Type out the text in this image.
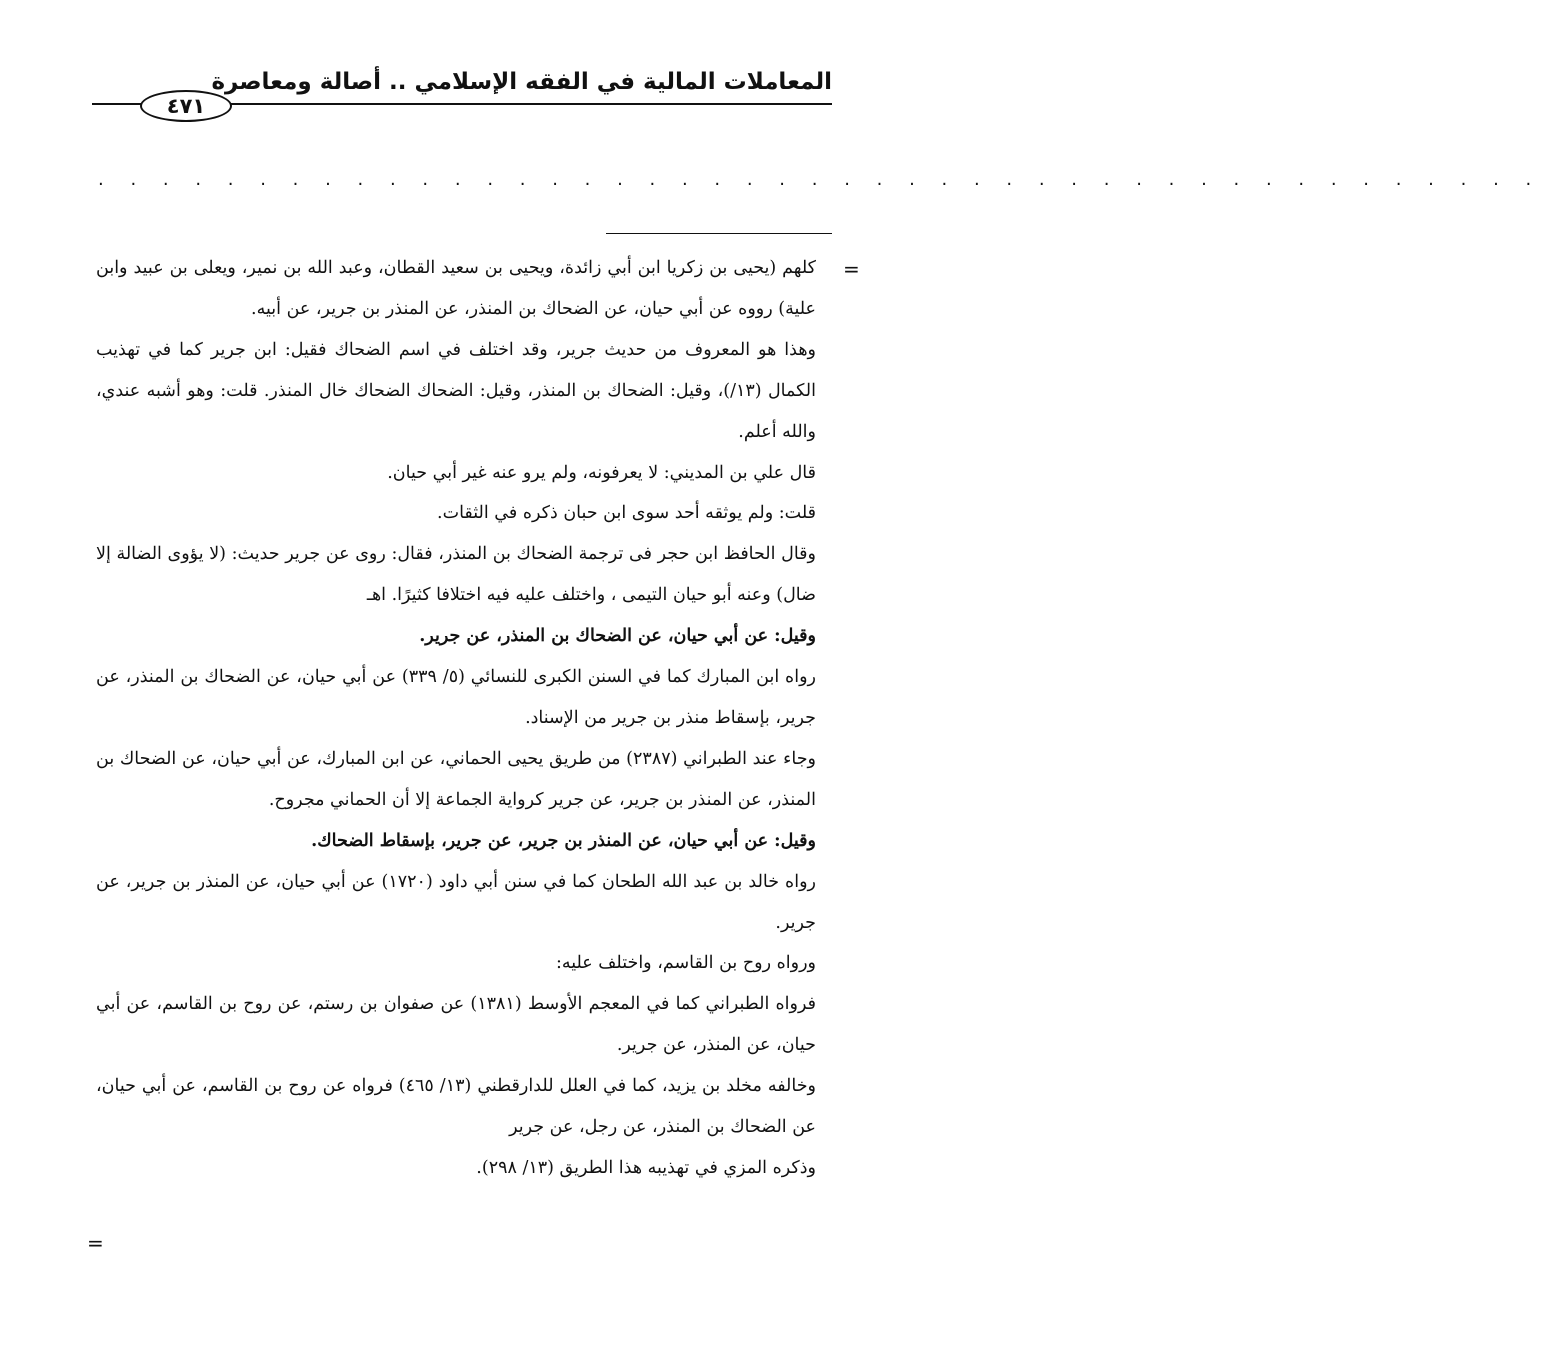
المعاملات المالية في الفقه الإسلامي .. أصالة ومعاصرة
٤٧١
. . . . . . . . . . . . . . . . . . . . . . . . . . . . . . . . . . . . . . . . . . . . .
=
=

كلهم (يحيى بن زكريا ابن أبي زائدة، ويحيى بن سعيد القطان، وعبد الله بن نمير، ويعلى بن عبيد وابن علية) رووه عن أبي حيان، عن الضحاك بن المنذر، عن المنذر بن جرير، عن أبيه.

وهذا هو المعروف من حديث جرير، وقد اختلف في اسم الضحاك فقيل: ابن جرير كما في تهذيب الكمال (١٣/)، وقيل: الضحاك بن المنذر، وقيل: الضحاك الضحاك خال المنذر. قلت: وهو أشبه عندي، والله أعلم.

قال علي بن المديني: لا يعرفونه، ولم يرو عنه غير أبي حيان.

قلت: ولم يوثقه أحد سوى ابن حبان ذكره في الثقات.

وقال الحافظ ابن حجر فى ترجمة الضحاك بن المنذر، فقال: روى عن جرير حديث: (لا يؤوى الضالة إلا ضال) وعنه أبو حيان التيمى ، واختلف عليه فيه اختلافا كثيرًا. اهـ

وقيل: عن أبي حيان، عن الضحاك بن المنذر، عن جرير.

رواه ابن المبارك كما في السنن الكبرى للنسائي (٥/ ٣٣٩) عن أبي حيان، عن الضحاك بن المنذر، عن جرير، بإسقاط منذر بن جرير من الإسناد.

وجاء عند الطبراني (٢٣٨٧) من طريق يحيى الحماني، عن ابن المبارك، عن أبي حيان، عن الضحاك بن المنذر، عن المنذر بن جرير، عن جرير كرواية الجماعة إلا أن الحماني مجروح.

وقيل: عن أبي حيان، عن المنذر بن جرير، عن جرير، بإسقاط الضحاك.

رواه خالد بن عبد الله الطحان كما في سنن أبي داود (١٧٢٠) عن أبي حيان، عن المنذر بن جرير، عن جرير.

ورواه روح بن القاسم، واختلف عليه:

فرواه الطبراني كما في المعجم الأوسط (١٣٨١) عن صفوان بن رستم، عن روح بن القاسم، عن أبي حيان، عن المنذر، عن جرير.

وخالفه مخلد بن يزيد، كما في العلل للدارقطني (١٣/ ٤٦٥) فرواه عن روح بن القاسم، عن أبي حيان، عن الضحاك بن المنذر، عن رجل، عن جرير

وذكره المزي في تهذيبه هذا الطريق (١٣/ ٢٩٨).
